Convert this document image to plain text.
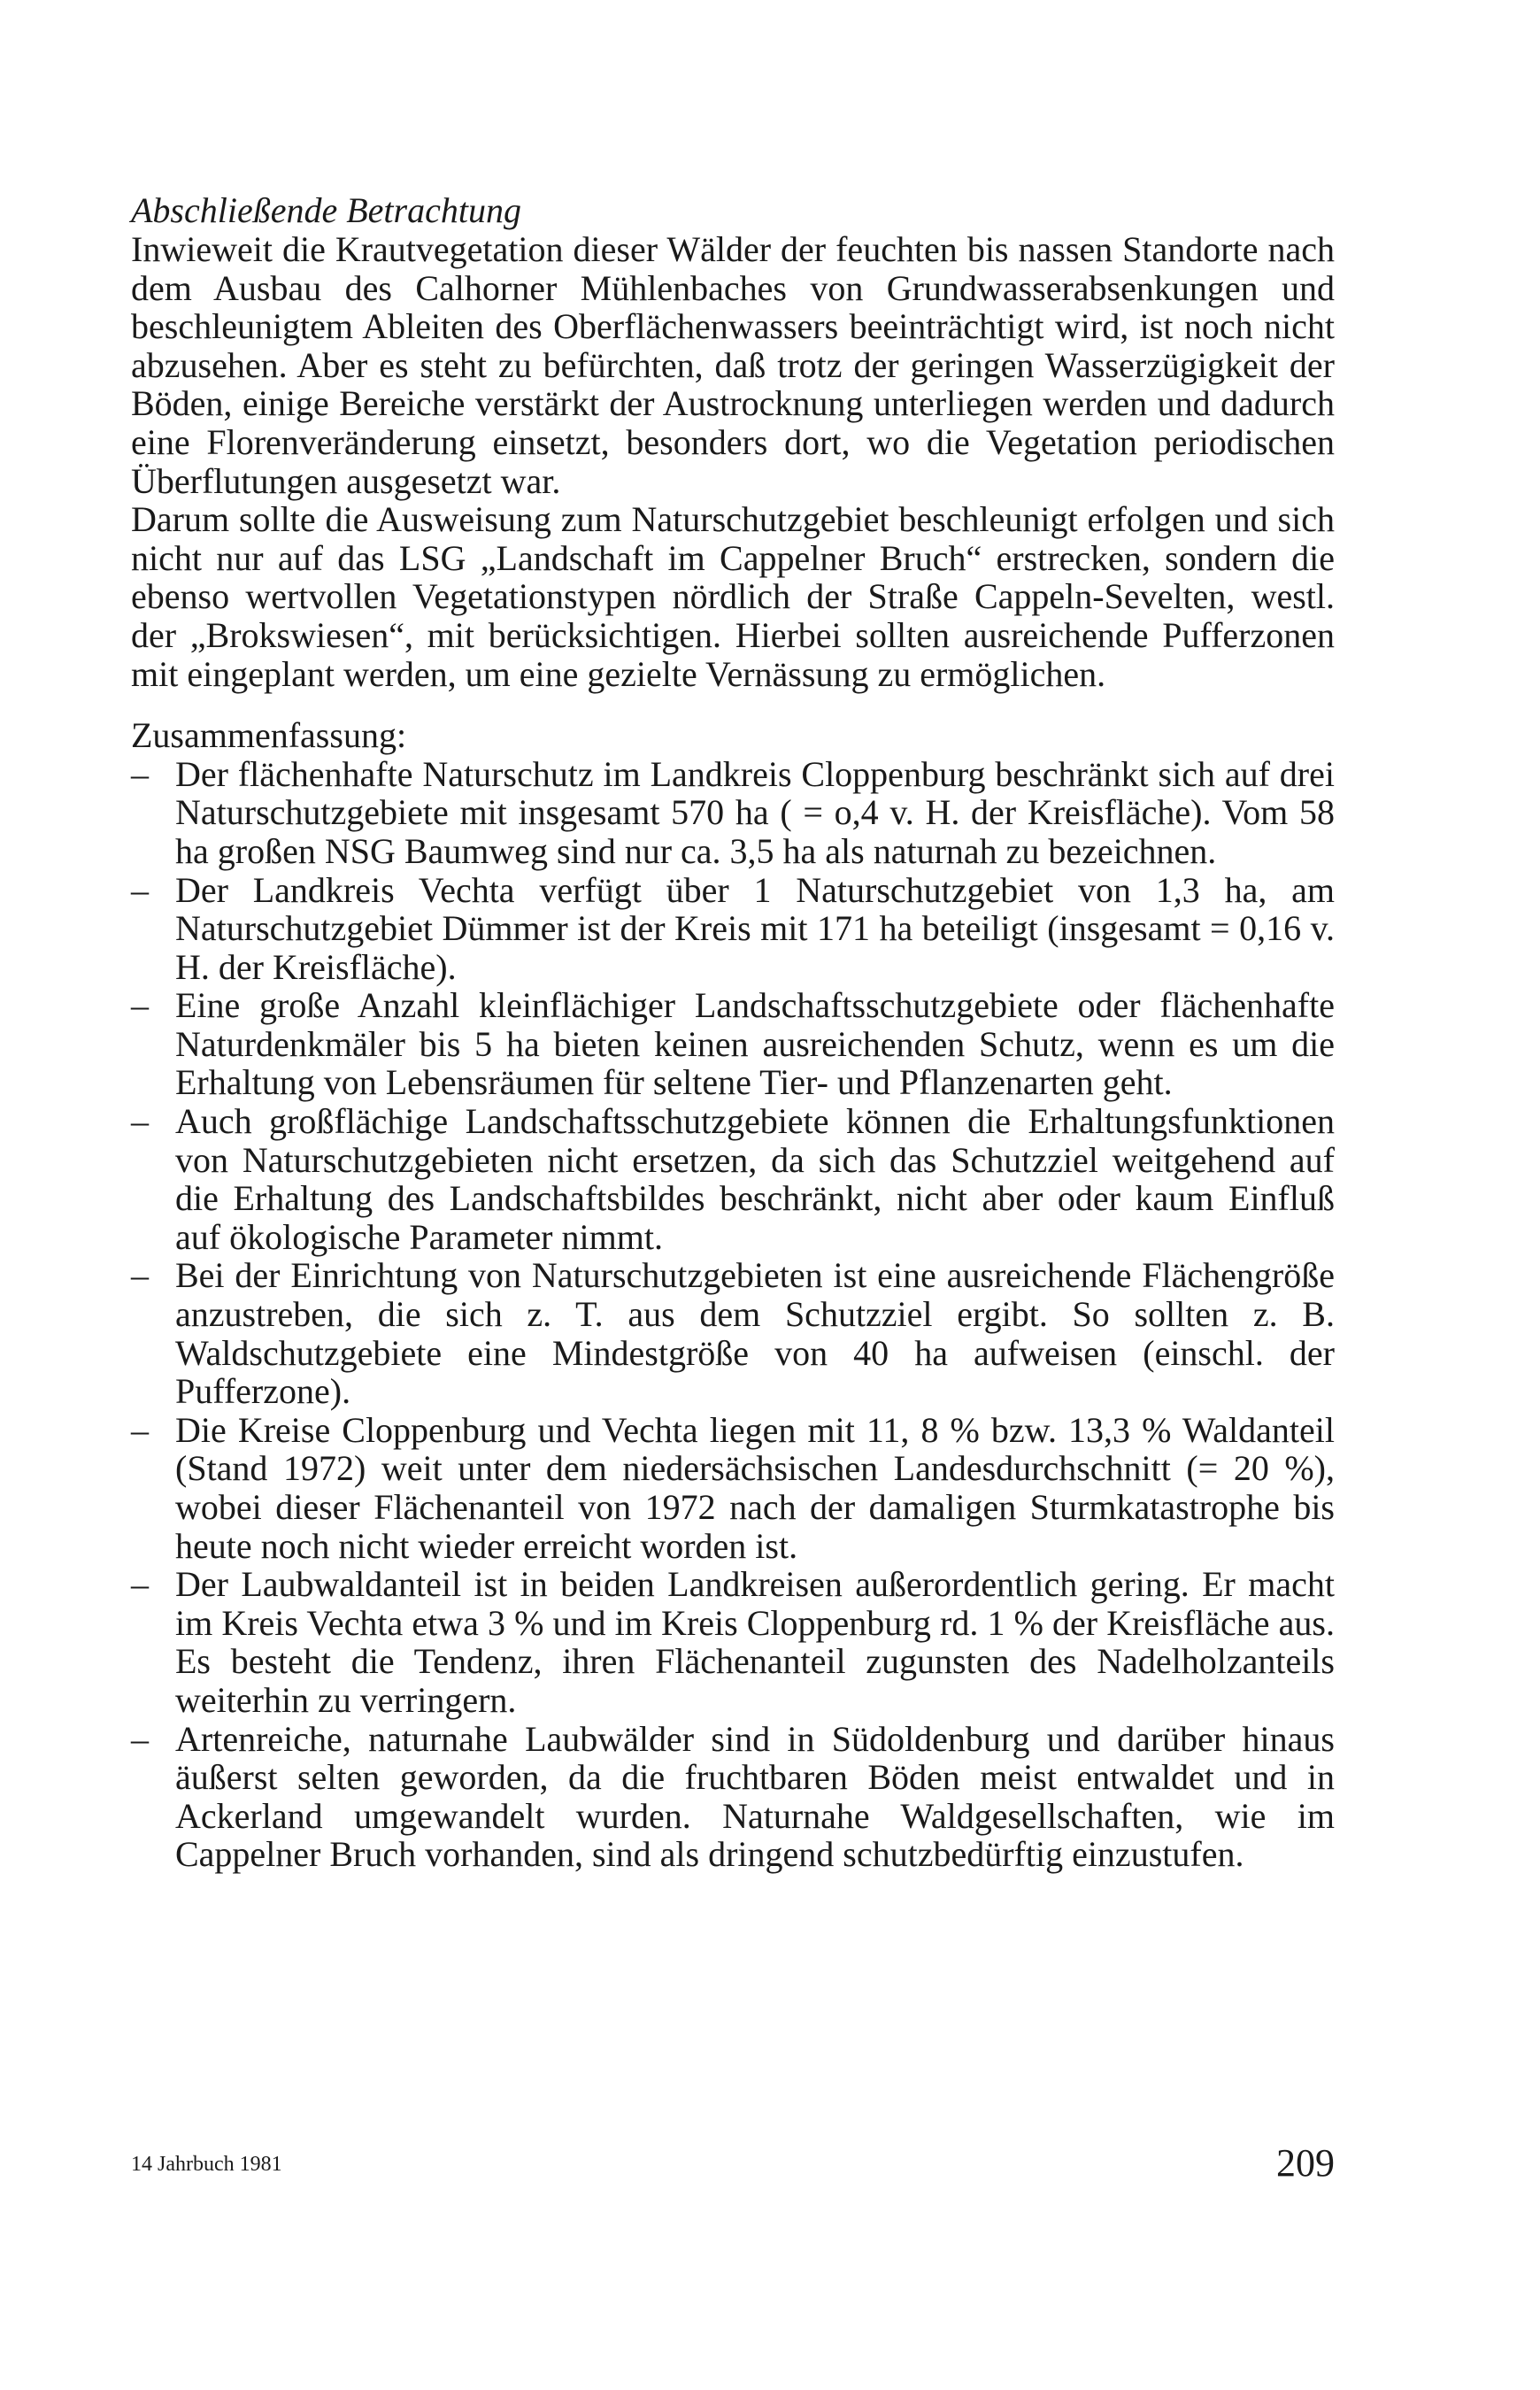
Abschließende Betrachtung

Inwieweit die Krautvegetation dieser Wälder der feuchten bis nassen Standorte nach dem Ausbau des Calhorner Mühlenbaches von Grundwasserabsenkungen und beschleunigtem Ableiten des Oberflächenwassers beeinträchtigt wird, ist noch nicht abzusehen. Aber es steht zu befürchten, daß trotz der geringen Wasserzügigkeit der Böden, einige Bereiche verstärkt der Austrocknung unterliegen werden und dadurch eine Florenveränderung einsetzt, besonders dort, wo die Vegetation periodischen Überflutungen ausgesetzt war.

Darum sollte die Ausweisung zum Naturschutzgebiet beschleunigt erfolgen und sich nicht nur auf das LSG „Landschaft im Cappelner Bruch“ erstrecken, sondern die ebenso wertvollen Vegetationstypen nördlich der Straße Cappeln-Sevelten, westl. der „Brokswiesen“, mit berücksichtigen. Hierbei sollten ausreichende Pufferzonen mit eingeplant werden, um eine gezielte Vernässung zu ermöglichen.

Zusammenfassung:

– Der flächenhafte Naturschutz im Landkreis Cloppenburg beschränkt sich auf drei Naturschutzgebiete mit insgesamt 570 ha ( = o,4 v. H. der Kreisfläche). Vom 58 ha großen NSG Baumweg sind nur ca. 3,5 ha als naturnah zu bezeichnen.
– Der Landkreis Vechta verfügt über 1 Naturschutzgebiet von 1,3 ha, am Naturschutzgebiet Dümmer ist der Kreis mit 171 ha beteiligt (insgesamt = 0,16 v. H. der Kreisfläche).
– Eine große Anzahl kleinflächiger Landschaftsschutzgebiete oder flächenhafte Naturdenkmäler bis 5 ha bieten keinen ausreichenden Schutz, wenn es um die Erhaltung von Lebensräumen für seltene Tier- und Pflanzenarten geht.
– Auch großflächige Landschaftsschutzgebiete können die Erhaltungsfunktionen von Naturschutzgebieten nicht ersetzen, da sich das Schutzziel weitgehend auf die Erhaltung des Landschaftsbildes beschränkt, nicht aber oder kaum Einfluß auf ökologische Parameter nimmt.
– Bei der Einrichtung von Naturschutzgebieten ist eine ausreichende Flächengröße anzustreben, die sich z. T. aus dem Schutzziel ergibt. So sollten z. B. Waldschutzgebiete eine Mindestgröße von 40 ha aufweisen (einschl. der Pufferzone).
– Die Kreise Cloppenburg und Vechta liegen mit 11, 8 % bzw. 13,3 % Waldanteil (Stand 1972) weit unter dem niedersächsischen Landesdurchschnitt (= 20 %), wobei dieser Flächenanteil von 1972 nach der damaligen Sturmkatastrophe bis heute noch nicht wieder erreicht worden ist.
– Der Laubwaldanteil ist in beiden Landkreisen außerordentlich gering. Er macht im Kreis Vechta etwa 3 % und im Kreis Cloppenburg rd. 1 % der Kreisfläche aus. Es besteht die Tendenz, ihren Flächenanteil zugunsten des Nadelholzanteils weiterhin zu verringern.
– Artenreiche, naturnahe Laubwälder sind in Südoldenburg und darüber hinaus äußerst selten geworden, da die fruchtbaren Böden meist entwaldet und in Ackerland umgewandelt wurden. Naturnahe Waldgesellschaften, wie im Cappelner Bruch vorhanden, sind als dringend schutzbedürftig einzustufen.
14 Jahrbuch 1981	209
